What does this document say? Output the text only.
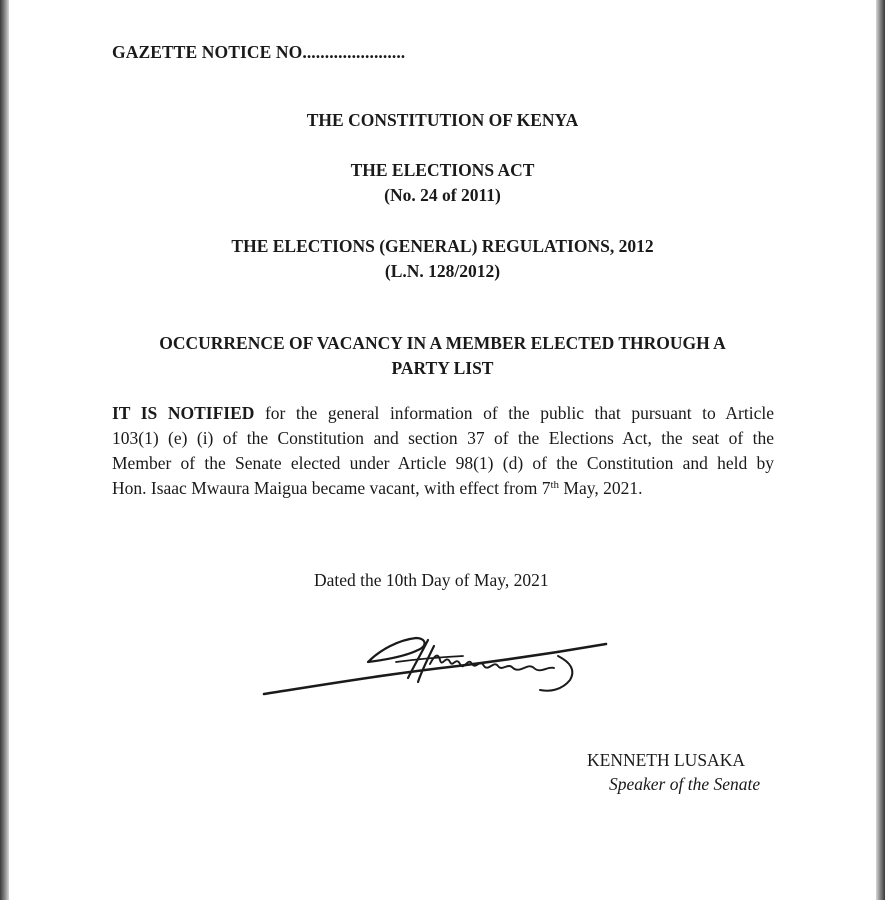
GAZETTE NOTICE NO.......................
THE CONSTITUTION OF KENYA
THE ELECTIONS ACT
(No. 24 of 2011)
THE ELECTIONS (GENERAL) REGULATIONS, 2012
(L.N. 128/2012)
OCCURRENCE OF VACANCY IN A MEMBER ELECTED THROUGH A
PARTY LIST
IT IS NOTIFIED for the general information of the public that pursuant to Article
103(1) (e) (i) of the Constitution and section 37 of the Elections Act, the seat of the
Member of the Senate elected under Article 98(1) (d) of the Constitution and held by
Hon. Isaac Mwaura Maigua became vacant, with effect from 7th May, 2021.
Dated the 10th Day of May, 2021
KENNETH LUSAKA
Speaker of the Senate
